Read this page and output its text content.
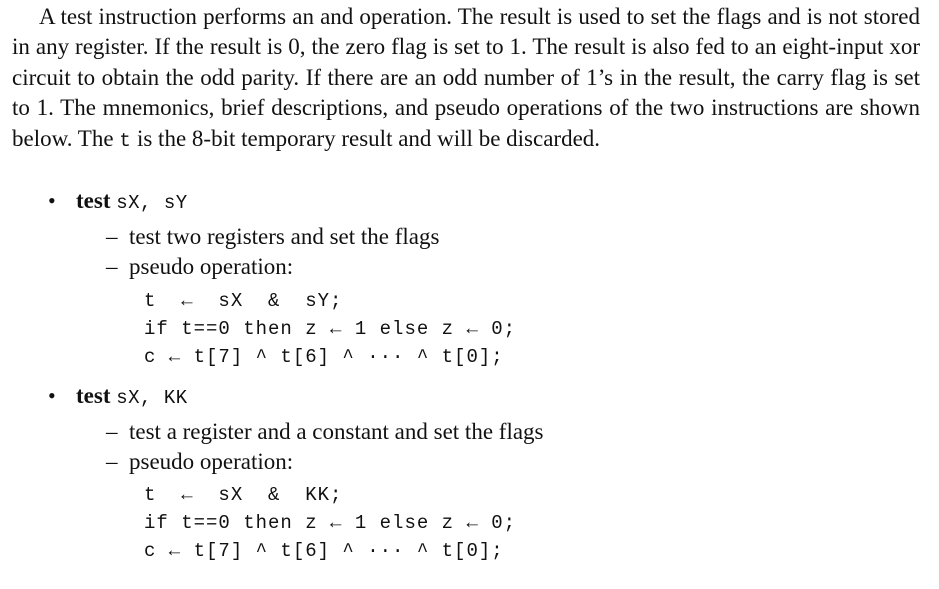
A test instruction performs an and operation. The result is used to set the flags and is not stored in any register. If the result is 0, the zero flag is set to 1. The result is also fed to an eight-input xor circuit to obtain the odd parity. If there are an odd number of 1’s in the result, the carry flag is set to 1. The mnemonics, brief descriptions, and pseudo operations of the two instructions are shown below. The t is the 8-bit temporary result and will be discarded.

• test sX, sY
– test two registers and set the flags
– pseudo operation:
t  ←  sX  &  sY;
if t==0 then z ← 1 else z ← 0;
c ← t[7] ^ t[6] ^ ··· ^ t[0];
• test sX, KK
– test a register and a constant and set the flags
– pseudo operation:
t  ←  sX  &  KK;
if t==0 then z ← 1 else z ← 0;
c ← t[7] ^ t[6] ^ ··· ^ t[0];
